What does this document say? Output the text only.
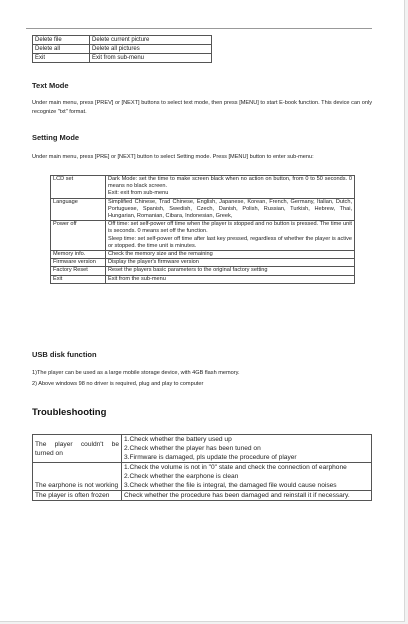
Delete file	Delete current picture
Delete all	Delete all pictures
Exit	Exit from sub-menu
Text Mode

Under main menu, press [PREV] or [NEXT] buttons to select text mode, then press [MENU] to start E-book function. This device can only recognize "txt" format.

Setting Mode

Under main menu, press [PRE] or [NEXT] button to select Setting mode. Press [MENU] button to enter sub-menu:

LCD set	Dark Mode: set the time to make screen black when no action on button, from 0 to 50 seconds. 0 means no black screen.
Exit: exit from sub-menu
Language	Simplified Chinese, Trad Chinese, English, Japanese, Korean, French, Germany, Italian, Dutch, Portuguese, Spanish, Swedish, Czech, Danish, Polish, Russian, Turkish, Hebrew, Thai, Hungarian, Romanian, Cibara, Indonesian, Greek,
Power off	Off time: set self-power off time when the player is stopped and no button is pressed. The time unit is seconds. 0 means set off the function.
Sleep time: set self-power off time after last key pressed, regardless of whether the player is active or stopped. the time unit is minutes.
Memory info.	Check the memory size and the remaining
Firmware version	Display the player's firmware version
Factory Reset	Reset the players basic parameters to the original factory setting
Exit	Exit from the sub-menu
USB disk function

1)The player can be used as a large mobile storage device, with 4GB flash memory.

2) Above windows 98 no driver is required, plug and play to computer

Troubleshooting
The player couldn't be turned on	1.Check whether the battery used up
2.Check whether the player has been tuned on
3.Firmware is damaged, pls update the procedure of player
The earphone is not working	1.Check the volume is not in "0" state and check the connection of earphone
2.Check whether the earphone is clean
3.Check whether the file is integral, the damaged file would cause noises
The player is often frozen	Check whether the procedure has been damaged and reinstall it if necessary.
